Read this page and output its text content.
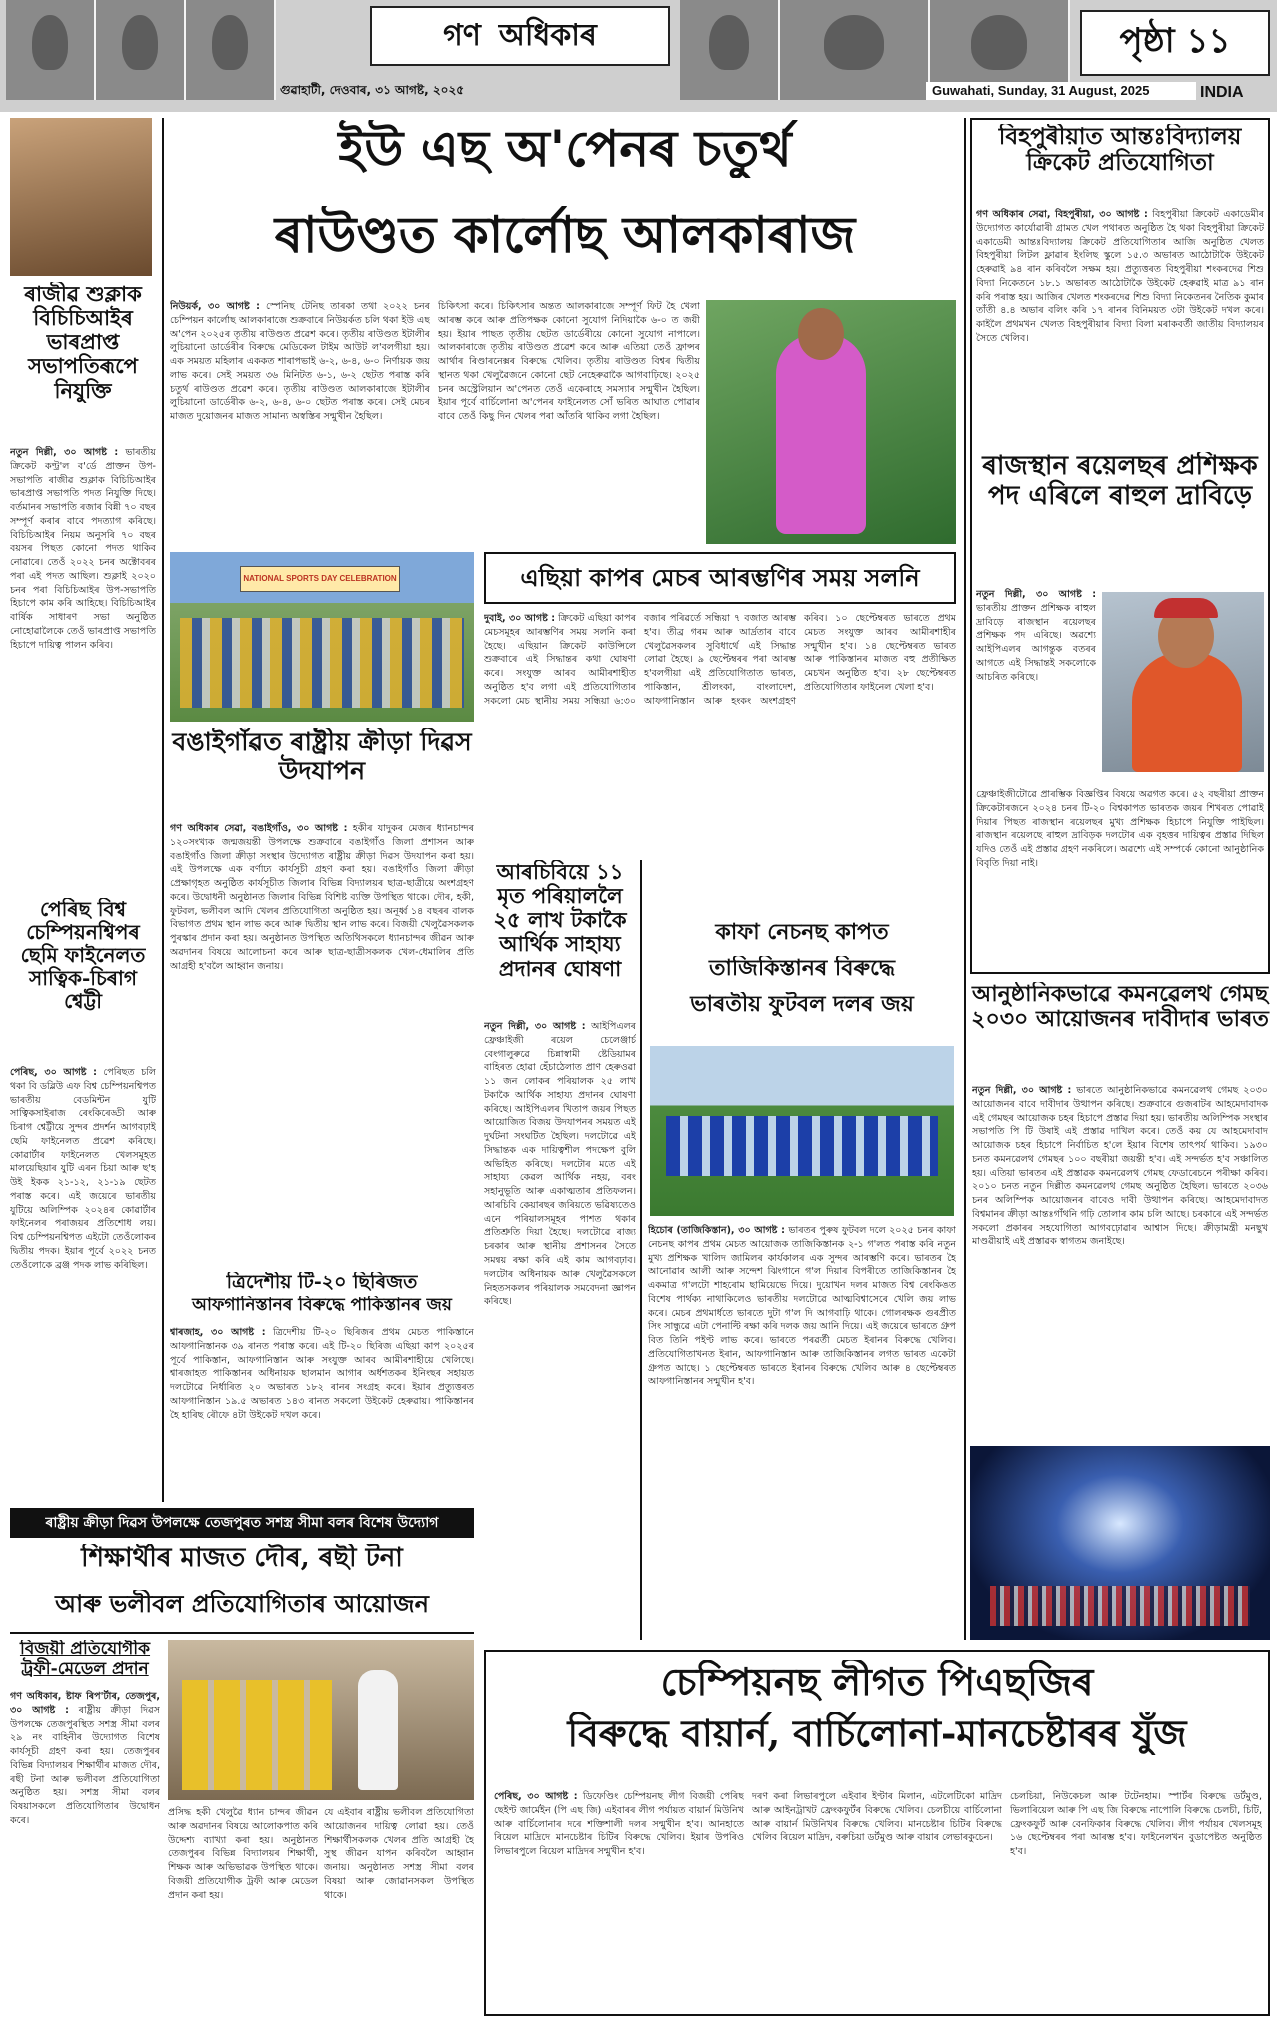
গণ অধিকাৰ
গুৱাহাটী, দেওবাৰ, ৩১ আগষ্ট, ২০২৫	Guwahati, Sunday, 31 August, 2025
পৃষ্ঠা ১১
INDIA
ৰাজীৱ শুক্লাক বিচিচিআইৰ ভাৰপ্ৰাপ্ত সভাপতিৰূপে নিযুক্তি
নতুন দিল্লী, ৩০ আগষ্ট : ভাৰতীয় ক্ৰিকেট কণ্ট্ৰ'ল ব'ৰ্ডে প্ৰাক্তন উপ-সভাপতি ৰাজীৱ শুক্লাক বিচিচিআইৰ ভাৰপ্ৰাপ্ত সভাপতি পদত নিযুক্তি দিছে। বৰ্তমানৰ সভাপতি ৰজাৰ বিন্নী ৭০ বছৰ সম্পূৰ্ণ কৰাৰ বাবে পদত্যাগ কৰিছে। বিচিচিআইৰ নিয়ম অনুসৰি ৭০ বছৰ বয়সৰ পিছত কোনো পদত থাকিব নোৱাৰে। তেওঁ ২০২২ চনৰ অক্টোবৰৰ পৰা এই পদত আছিল। শুক্লাই ২০২০ চনৰ পৰা বিচিচিআইৰ উপ-সভাপতি হিচাপে কাম কৰি আহিছে। বিচিচিআইৰ বাৰ্ষিক সাধাৰণ সভা অনুষ্ঠিত নোহোৱালৈকে তেওঁ ভাৰপ্ৰাপ্ত সভাপতি হিচাপে দায়িত্ব পালন কৰিব।
পেৰিছ বিশ্ব চেম্পিয়নশ্বিপৰ ছেমি ফাইনেলত সাত্বিক-চিৰাগ শ্বেট্টী
পেৰিছ, ৩০ আগষ্ট : পেৰিছত চলি থকা বি ডব্লিউ এফ বিশ্ব চেম্পিয়নশ্বিপত ভাৰতীয় বেডমিন্টন যুটি সাত্বিকসাইৰাজ ৰেংকিৰেড্ডী আৰু চিৰাগ শ্বেট্টীয়ে সুন্দৰ প্ৰদৰ্শন আগবঢ়াই ছেমি ফাইনেলত প্ৰৱেশ কৰিছে। কোৱাৰ্টাৰ ফাইনেলত খেলসমূহত মালয়েছিয়াৰ যুটি এৰন চিয়া আৰু ছ'হ উই ইকক ২১-১২, ২১-১৯ ছেটত পৰাস্ত কৰে। এই জয়েৰে ভাৰতীয় যুটিয়ে অলিম্পিক ২০২৪ৰ কোৱাৰ্টাৰ ফাইনেলৰ পৰাজয়ৰ প্ৰতিশোধ লয়। বিশ্ব চেম্পিয়নশ্বিপত এইটো তেওঁলোকৰ দ্বিতীয় পদক। ইয়াৰ পূৰ্বে ২০২২ চনত তেওঁলোকে ব্ৰঞ্জ পদক লাভ কৰিছিল।
ইউ এছ অ'পেনৰ চতুৰ্থ
ৰাউণ্ডত কাৰ্লোছ আলকাৰাজ
নিউয়ৰ্ক, ৩০ আগষ্ট : স্পেনিছ টেনিছ তাৰকা তথা ২০২২ চনৰ চেম্পিয়ন কাৰ্লোছ আলকাৰাজে শুক্ৰবাৰে নিউয়ৰ্কত চলি থকা ইউ এছ অ'পেন ২০২৫ৰ তৃতীয় ৰাউণ্ডত প্ৰৱেশ কৰে। তৃতীয় ৰাউণ্ডত ইটালীৰ লুচিয়ানো ডাৰ্ডেৰীৰ বিৰুদ্ধে মেডিকেল টাইম আউট ল'বলগীয়া হয়। এক সময়ত মহিলাৰ এককত শাৰাপভাই ৬-২, ৬-৪, ৬-০ নিৰ্ণায়ক জয় লাভ কৰে। সেই সময়ত ৩৬ মিনিটত ৬-১, ৬-২ ছেটত পৰাস্ত কৰি চতুৰ্থ ৰাউণ্ডত প্ৰৱেশ কৰে। তৃতীয় ৰাউণ্ডত আলকাৰাজে ইটালীৰ লুচিয়ানো ডাৰ্ডেৰীক ৬-২, ৬-৪, ৬-০ ছেটত পৰাস্ত কৰে। সেই মেচৰ মাজত দুয়োজনৰ মাজত সামান্য অস্বস্তিৰ সন্মুখীন হৈছিল।
চিকিৎসা কৰে। চিকিৎসাৰ অন্তত আলকাৰাজে সম্পূৰ্ণ ফিট হৈ খেলা আৰম্ভ কৰে আৰু প্ৰতিপক্ষক কোনো সুযোগ নিদিয়াকৈ ৬-০ ত জয়ী হয়। ইয়াৰ পাছত তৃতীয় ছেটত ডাৰ্ডেৰীয়ে কোনো সুযোগ নাপালে। আলকাৰাজে তৃতীয় ৰাউণ্ডত প্ৰৱেশ কৰে আৰু এতিয়া তেওঁ ফ্ৰান্সৰ আৰ্থাৰ ৰিণ্ডাৰনেক্সৰ বিৰুদ্ধে খেলিব। তৃতীয় ৰাউণ্ডত বিশ্বৰ দ্বিতীয় স্থানত থকা খেলুৱৈজনে কোনো ছেট নেহেৰুৱাকৈ আগবাঢ়িছে। ২০২৫ চনৰ অস্ট্ৰেলিয়ান অ'পেনত তেওঁ একেৰাহে সমস্যাৰ সন্মুখীন হৈছিল। ইয়াৰ পূৰ্বে বাৰ্চিলোনা অ'পেনৰ ফাইনেলত সোঁ ভৰিত আঘাত পোৱাৰ বাবে তেওঁ কিছু দিন খেলৰ পৰা আঁতৰি থাকিব লগা হৈছিল।
NATIONAL SPORTS DAY CELEBRATION
বঙাইগাঁৱত ৰাষ্ট্ৰীয় ক্ৰীড়া দিৱস উদযাপন
গণ অধিকাৰ সেৱা, বঙাইগাঁও, ৩০ আগষ্ট : হকীৰ যাদুকৰ মেজৰ ধ্যানচান্দৰ ১২০সংখ্যক জন্মজয়ন্তী উপলক্ষে শুক্ৰবাৰে বঙাইগাঁও জিলা প্ৰশাসন আৰু বঙাইগাঁও জিলা ক্ৰীড়া সংস্থাৰ উদ্যোগত ৰাষ্ট্ৰীয় ক্ৰীড়া দিৱস উদযাপন কৰা হয়। এই উপলক্ষে এক বৰ্ণাঢ্য কাৰ্যসূচী গ্ৰহণ কৰা হয়। বঙাইগাঁও জিলা ক্ৰীড়া প্ৰেক্ষাগৃহত অনুষ্ঠিত কাৰ্যসূচীত জিলাৰ বিভিন্ন বিদ্যালয়ৰ ছাত্ৰ-ছাত্ৰীয়ে অংশগ্ৰহণ কৰে। উদ্বোধনী অনুষ্ঠানত জিলাৰ বিভিন্ন বিশিষ্ট ব্যক্তি উপস্থিত থাকে। দৌৰ, হকী, ফুটবল, ভলীবল আদি খেলৰ প্ৰতিযোগিতা অনুষ্ঠিত হয়। অনূৰ্ধ্ব ১৪ বছৰৰ বালক বিভাগত প্ৰথম স্থান লাভ কৰে আৰু দ্বিতীয় স্থান লাভ কৰে। বিজয়ী খেলুৱৈসকলক পুৰস্কাৰ প্ৰদান কৰা হয়। অনুষ্ঠানত উপস্থিত অতিথিসকলে ধ্যানচান্দৰ জীৱন আৰু অৱদানৰ বিষয়ে আলোচনা কৰে আৰু ছাত্ৰ-ছাত্ৰীসকলক খেল-ধেমালিৰ প্ৰতি আগ্ৰহী হ'বলৈ আহ্বান জনায়।
ত্ৰিদেশীয় টি-২০ ছিৰিজত
আফগানিস্তানৰ বিৰুদ্ধে পাকিস্তানৰ জয়
শ্বাৰজাহ, ৩০ আগষ্ট : ত্ৰিদেশীয় টি-২০ ছিৰিজৰ প্ৰথম মেচত পাকিস্তানে আফগানিস্তানক ৩৯ ৰানত পৰাস্ত কৰে। এই টি-২০ ছিৰিজ এছিয়া কাপ ২০২৫ৰ পূৰ্বে পাকিস্তান, আফগানিস্তান আৰু সংযুক্ত আৰব আমীৰশাহীয়ে খেলিছে। শ্বাৰজাহত পাকিস্তানৰ অধিনায়ক ছালমান আগাৰ অৰ্ধশতকৰ ইনিংছৰ সহায়ত দলটোৱে নিৰ্ধাৰিত ২০ অভাৰত ১৮২ ৰানৰ সংগ্ৰহ কৰে। ইয়াৰ প্ৰত্যুত্তৰত আফগানিস্তান ১৯.৫ অভাৰত ১৪৩ ৰানত সকলো উইকেট হেৰুৱায়। পাকিস্তানৰ হৈ হাৰিছ ৰৌফে ৪টা উইকেট দখল কৰে।
এছিয়া কাপৰ মেচৰ আৰম্ভণিৰ সময় সলনি
দুবাই, ৩০ আগষ্ট : ক্ৰিকেট এছিয়া কাপৰ মেচসমূহৰ আৰম্ভণিৰ সময় সলনি কৰা হৈছে। এছিয়ান ক্ৰিকেট কাউন্সিলে শুক্ৰবাৰে এই সিদ্ধান্তৰ কথা ঘোষণা কৰে। সংযুক্ত আৰব আমীৰশাহীত অনুষ্ঠিত হ'ব লগা এই প্ৰতিযোগিতাৰ সকলো মেচ স্থানীয় সময় সন্ধিয়া ৬:৩০ বজাৰ পৰিৱৰ্তে সন্ধিয়া ৭ বজাত আৰম্ভ হ'ব। তীব্ৰ গৰম আৰু আৰ্দ্ৰতাৰ বাবে খেলুৱৈসকলৰ সুবিধাৰ্থে এই সিদ্ধান্ত লোৱা হৈছে। ৯ ছেপ্টেম্বৰৰ পৰা আৰম্ভ হ'বলগীয়া এই প্ৰতিযোগিতাত ভাৰত, পাকিস্তান, শ্ৰীলংকা, বাংলাদেশ, আফগানিস্তান আৰু হংকং অংশগ্ৰহণ কৰিব। ১০ ছেপ্টেম্বৰত ভাৰতে প্ৰথম মেচত সংযুক্ত আৰব আমীৰশাহীৰ সন্মুখীন হ'ব। ১৪ ছেপ্টেম্বৰত ভাৰত আৰু পাকিস্তানৰ মাজত বহু প্ৰতীক্ষিত মেচখন অনুষ্ঠিত হ'ব। ২৮ ছেপ্টেম্বৰত প্ৰতিযোগিতাৰ ফাইনেল খেলা হ'ব।
আৰচিবিয়ে ১১ মৃত পৰিয়াললৈ ২৫ লাখ টকাকৈ আৰ্থিক সাহায্য প্ৰদানৰ ঘোষণা
নতুন দিল্লী, ৩০ আগষ্ট : আইপিএলৰ ফ্ৰেঞ্চাইজী ৰয়েল চেলেঞ্জাৰ্চ বেংগালুৰুৱে চিন্নাস্বামী ষ্টেডিয়ামৰ বাহিৰত হোৱা হেঁচাঠেলাত প্ৰাণ হেৰুওৱা ১১ জন লোকৰ পৰিয়ালক ২৫ লাখ টকাকৈ আৰ্থিক সাহায্য প্ৰদানৰ ঘোষণা কৰিছে। আইপিএলৰ খিতাপ জয়ৰ পিছত আয়োজিত বিজয় উদযাপনৰ সময়ত এই দুৰ্ঘটনা সংঘটিত হৈছিল। দলটোৱে এই সিদ্ধান্তক এক দায়িত্বশীল পদক্ষেপ বুলি অভিহিত কৰিছে। দলটোৰ মতে এই সাহায্য কেৱল আৰ্থিক নহয়, বৰং সহানুভূতি আৰু একাত্মতাৰ প্ৰতিফলন। আৰচিবি কেয়াৰছৰ জৰিয়তে ভৱিষ্যতেও এনে পৰিয়ালসমূহৰ পাশত থকাৰ প্ৰতিশ্ৰুতি দিয়া হৈছে। দলটোৱে ৰাজ্য চৰকাৰ আৰু স্থানীয় প্ৰশাসনৰ সৈতে সমন্বয় ৰক্ষা কৰি এই কাম আগবঢ়াব। দলটোৰ অধিনায়ক আৰু খেলুৱৈসকলে নিহতসকলৰ পৰিয়ালক সমবেদনা জ্ঞাপন কৰিছে।
কাফা নেচনছ কাপত
তাজিকিস্তানৰ বিৰুদ্ধে
ভাৰতীয় ফুটবল দলৰ জয়
হিচোৰ (তাজিকিস্তান), ৩০ আগষ্ট : ভাৰতৰ পুৰুষ ফুটবল দলে ২০২৫ চনৰ কাফা নেচনছ কাপৰ প্ৰথম মেচত আয়োজক তাজিকিস্তানক ২-১ গ'লত পৰাস্ত কৰি নতুন মুখ্য প্ৰশিক্ষক খালিদ জামিলৰ কাৰ্যকালৰ এক সুন্দৰ আৰম্ভণি কৰে। ভাৰতৰ হৈ আনোৱাৰ আলী আৰু সন্দেশ ঝিংগানে গ'ল দিয়াৰ বিপৰীতে তাজিকিস্তানৰ হৈ একমাত্ৰ গ'লটো শাহৰোম ছামিয়েভে দিয়ে। দুয়োখন দলৰ মাজত বিশ্ব ৰেংকিঙত বিশেষ পাৰ্থক্য নাথাকিলেও ভাৰতীয় দলটোৱে আত্মবিশ্বাসেৰে খেলি জয় লাভ কৰে। মেচৰ প্ৰথমাৰ্ধতে ভাৰতে দুটা গ'ল দি আগবাঢ়ি থাকে। গোলৰক্ষক গুৰপ্ৰীত সিং সান্ধুৱে এটা পেনাল্টি ৰক্ষা কৰি দলক জয় আনি দিয়ে। এই জয়েৰে ভাৰতে গ্ৰুপ বিত তিনি পইণ্ট লাভ কৰে। ভাৰতে পৰৱৰ্তী মেচত ইৰানৰ বিৰুদ্ধে খেলিব। প্ৰতিযোগিতাখনত ইৰান, আফগানিস্তান আৰু তাজিকিস্তানৰ লগত ভাৰত একেটা গ্ৰুপত আছে। ১ ছেপ্টেম্বৰত ভাৰতে ইৰানৰ বিৰুদ্ধে খেলিব আৰু ৪ ছেপ্টেম্বৰত আফগানিস্তানৰ সন্মুখীন হ'ব।
বিহপুৰীয়াত আন্তঃবিদ্যালয় ক্ৰিকেট প্ৰতিযোগিতা
গণ অধিকাৰ সেৱা, বিহপুৰীয়া, ৩০ আগষ্ট : বিহপুৰীয়া ক্ৰিকেট একাডেমীৰ উদ্যোগত কাৰ্যোৱাৰী গ্ৰামত খেল পথাৰত অনুষ্ঠিত হৈ থকা বিহপুৰীয়া ক্ৰিকেট একাডেমী আন্তঃবিদ্যালয় ক্ৰিকেট প্ৰতিযোগিতাৰ আজি অনুষ্ঠিত খেলত বিহপুৰীয়া লিটল ফ্লাৱাৰ ইংলিছ স্কুলে ১৫.৩ অভাৰত আঠোটাকৈ উইকেট হেৰুৱাই ৯৪ ৰান কৰিবলৈ সক্ষম হয়। প্ৰত্যুত্তৰত বিহপুৰীয়া শংকৰদেৱ শিশু বিদ্যা নিকেতনে ১৮.১ অভাৰত আঠোটাকৈ উইকেট হেৰুৱাই মাত্ৰ ৯১ ৰান কৰি পৰাস্ত হয়। আজিৰ খেলত শংকৰদেৱ শিশু বিদ্যা নিকেতনৰ নৈতিক কুমাৰ তাঁতী ৪.৪ অভাৰ বলিং কৰি ১৭ ৰানৰ বিনিময়ত ৩টা উইকেট দখল কৰে। কাইলৈ প্ৰথমখন খেলত বিহপুৰীয়াৰ বিদ্যা বিলা মৰাকবৰ্তী জাতীয় বিদ্যালয়ৰ সৈতে খেলিব।
ৰাজস্থান ৰয়েলছৰ প্ৰশিক্ষক পদ এৰিলে ৰাহুল দ্ৰাবিড়ে
নতুন দিল্লী, ৩০ আগষ্ট : ভাৰতীয় প্ৰাক্তন প্ৰশিক্ষক ৰাহুল দ্ৰাবিড়ে ৰাজস্থান ৰয়েলছৰ প্ৰশিক্ষক পদ এৰিছে। অৱশ্যে আইপিএলৰ আগন্তুক বতৰৰ আগতে এই সিদ্ধান্তই সকলোকে আচৰিত কৰিছে।
ফ্ৰেঞ্চাইজীটোৱে প্ৰাৰম্ভিক বিজ্ঞপ্তিৰ বিষয়ে অৱগত কৰে। ৫২ বছৰীয়া প্ৰাক্তন ক্ৰিকেটাৰজনে ২০২৪ চনৰ টি-২০ বিশ্বকাপত ভাৰতক জয়ৰ শিখৰত পোৱাই দিয়াৰ পিছত ৰাজস্থান ৰয়েলছৰ মুখ্য প্ৰশিক্ষক হিচাপে নিযুক্তি পাইছিল। ৰাজস্থান ৰয়েলছে ৰাহুল দ্ৰাবিড়ক দলটোৰ এক বৃহত্তৰ দায়িত্বৰ প্ৰস্তাৱ দিছিল যদিও তেওঁ এই প্ৰস্তাৱ গ্ৰহণ নকৰিলে। অৱশ্যে এই সম্পৰ্কে কোনো আনুষ্ঠানিক বিবৃতি দিয়া নাই।
আনুষ্ঠানিকভাৱে কমনৱেলথ গেমছ ২০৩০ আয়োজনৰ দাবীদাৰ ভাৰত
নতুন দিল্লী, ৩০ আগষ্ট : ভাৰতে আনুষ্ঠানিকভাৱে কমনৱেলথ গেমছ ২০৩০ আয়োজনৰ বাবে দাবীদাৰ উত্থাপন কৰিছে। শুক্ৰবাৰে গুজৰাটৰ আহমেদাবাদক এই গেমছৰ আয়োজক চহৰ হিচাপে প্ৰস্তাৱ দিয়া হয়। ভাৰতীয় অলিম্পিক সংস্থাৰ সভাপতি পি টি উষাই এই প্ৰস্তাৱ দাখিল কৰে। তেওঁ কয় যে আহমেদাবাদ আয়োজক চহৰ হিচাপে নিৰ্বাচিত হ'লে ইয়াৰ বিশেষ তাৎপৰ্য থাকিব। ১৯৩০ চনত কমনৱেলথ গেমছৰ ১০০ বছৰীয়া জয়ন্তী হ'ব। এই সন্দৰ্ভত হ'ব সঞ্চালিত হয়। এতিয়া ভাৰতৰ এই প্ৰস্তাৱক কমনৱেলথ গেমছ ফেডাৰেচনে পৰীক্ষা কৰিব। ২০১০ চনত নতুন দিল্লীত কমনৱেলথ গেমছ অনুষ্ঠিত হৈছিল। ভাৰতে ২০৩৬ চনৰ অলিম্পিক আয়োজনৰ বাবেও দাবী উত্থাপন কৰিছে। আহমেদাবাদত বিশ্বমানৰ ক্ৰীড়া আন্তঃগাঁথনি গঢ়ি তোলাৰ কাম চলি আছে। চৰকাৰে এই সন্দৰ্ভত সকলো প্ৰকাৰৰ সহযোগিতা আগবঢ়োৱাৰ আশ্বাস দিছে। ক্ৰীড়ামন্ত্ৰী মনছুখ মাণ্ডৱীয়াই এই প্ৰস্তাৱক স্বাগতম জনাইছে।
ৰাষ্ট্ৰীয় ক্ৰীড়া দিৱস উপলক্ষে তেজপুৰত সশস্ত্ৰ সীমা বলৰ বিশেষ উদ্যোগ
শিক্ষাৰ্থীৰ মাজত দৌৰ, ৰছী টনা
আৰু ভলীবল প্ৰতিযোগিতাৰ আয়োজন
বিজয়ী প্ৰতিযোগীক ট্ৰফী-মেডেল প্ৰদান
গণ অধিকাৰ, ষ্টাফ ৰিপ'ৰ্টাৰ, তেজপুৰ, ৩০ আগষ্ট : ৰাষ্ট্ৰীয় ক্ৰীড়া দিৱস উপলক্ষে তেজপুৰস্থিত সশস্ত্ৰ সীমা বলৰ ২৯ নং বাহিনীৰ উদ্যোগত বিশেষ কাৰ্যসূচী গ্ৰহণ কৰা হয়। তেজপুৰৰ বিভিন্ন বিদ্যালয়ৰ শিক্ষাৰ্থীৰ মাজত দৌৰ, ৰছী টনা আৰু ভলীবল প্ৰতিযোগিতা অনুষ্ঠিত হয়। সশস্ত্ৰ সীমা বলৰ বিষয়াসকলে প্ৰতিযোগিতাৰ উদ্বোধন কৰে।
প্ৰসিদ্ধ হকী খেলুৱৈ ধ্যান চান্দৰ জীৱন আৰু অৱদানৰ বিষয়ে আলোকপাত কৰি উদ্দেশ্য ব্যাখ্যা কৰা হয়। অনুষ্ঠানত তেজপুৰৰ বিভিন্ন বিদ্যালয়ৰ শিক্ষাৰ্থী, শিক্ষক আৰু অভিভাৱক উপস্থিত থাকে। বিজয়ী প্ৰতিযোগীক ট্ৰফী আৰু মেডেল প্ৰদান কৰা হয়।
যে এইবাৰ ৰাষ্ট্ৰীয় ভলীবল প্ৰতিযোগিতা আয়োজনৰ দায়িত্ব লোৱা হয়। তেওঁ শিক্ষাৰ্থীসকলক খেলৰ প্ৰতি আগ্ৰহী হৈ সুস্থ জীৱন যাপন কৰিবলৈ আহ্বান জনায়। অনুষ্ঠানত সশস্ত্ৰ সীমা বলৰ বিষয়া আৰু জোৱানসকল উপস্থিত থাকে।
চেম্পিয়নছ লীগত পিএছজিৰ
বিৰুদ্ধে বায়াৰ্ন, বাৰ্চিলোনা-মানচেষ্টাৰৰ যুঁজ
পেৰিছ, ৩০ আগষ্ট : ডিফেণ্ডিং চেম্পিয়নছ লীগ বিজয়ী পেৰিছ ছেইণ্ট জাৰ্মেইন (পি এছ জি) এইবাৰৰ লীগ পৰ্যায়ত বায়াৰ্ন মিউনিখ আৰু বাৰ্চিলোনাৰ দৰে শক্তিশালী দলৰ সন্মুখীন হ'ব। আনহাতে ৰিয়েল মাদ্ৰিদে মানচেষ্টাৰ চিটিৰ বিৰুদ্ধে খেলিব। ইয়াৰ উপৰিও লিভাৰপুলে ৰিয়েল মাদ্ৰিদৰ সন্মুখীন হ'ব।
দৰণ কৰা লিভাৰপুলে এইবাৰ ইণ্টাৰ মিলান, এটলেটিকো মাদ্ৰিদ আৰু আইনট্ৰাখট ফ্ৰেংকফুৰ্টৰ বিৰুদ্ধে খেলিব। চেলচীয়ে বাৰ্চিলোনা আৰু বায়াৰ্ন মিউনিখৰ বিৰুদ্ধে খেলিব। মানচেষ্টাৰ চিটিৰ বিৰুদ্ধে খেলিব ৰিয়েল মাদ্ৰিদ, বৰুচিয়া ডৰ্টমুণ্ড আৰু বায়াৰ লেভাৰকুচেন।
চেলচিয়া, নিউকেচল আৰু টটেনহাম। স্পাৰ্টৰ বিৰুদ্ধে ডৰ্টমুণ্ড, ভিলাৰিয়েল আৰু পি এছ জি বিৰুদ্ধে নাপোলি বিৰুদ্ধে চেলচী, চিটি, ফ্ৰেংকফুৰ্ট আৰু বেনফিকাৰ বিৰুদ্ধে খেলিব। লীগ পৰ্যায়ৰ খেলসমূহ ১৬ ছেপ্টেম্বৰৰ পৰা আৰম্ভ হ'ব। ফাইনেলখন বুডাপেষ্টত অনুষ্ঠিত হ'ব।
